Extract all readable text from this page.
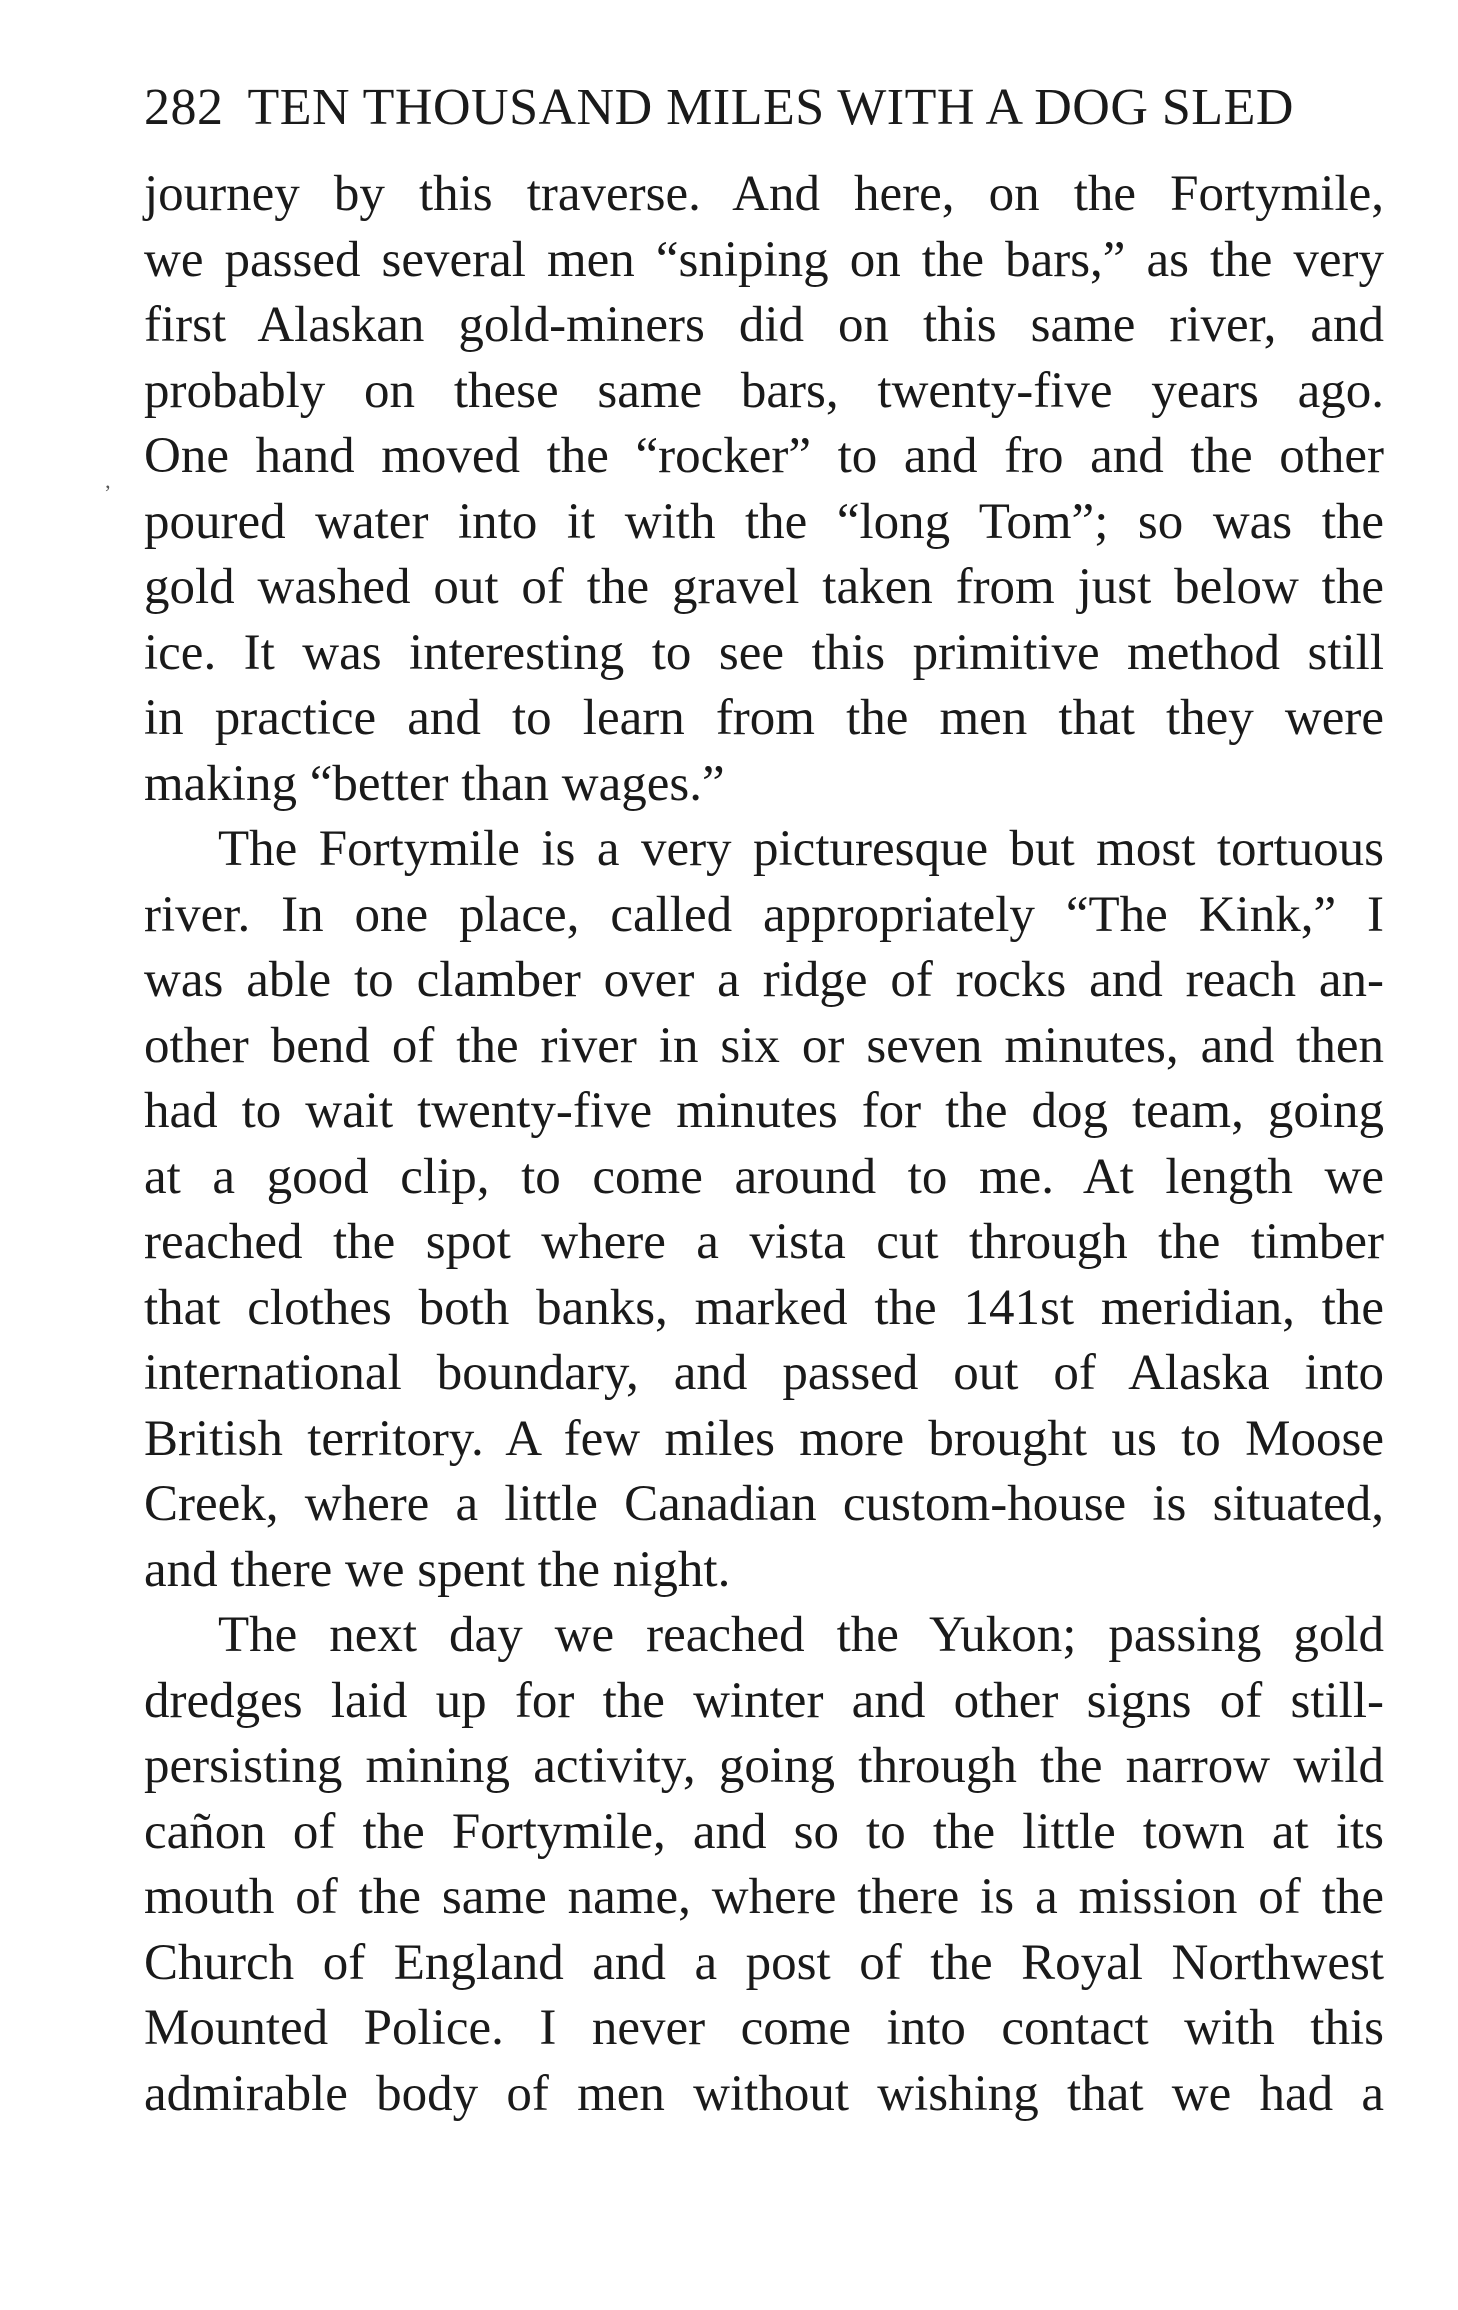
282 TEN THOUSAND MILES WITH A DOG SLED
’
journey by this traverse. And here, on the Fortymile,
we passed several men “sniping on the bars,” as the very
first Alaskan gold-miners did on this same river, and
probably on these same bars, twenty-five years ago.
One hand moved the “rocker” to and fro and the other
poured water into it with the “long Tom”; so was the
gold washed out of the gravel taken from just below the
ice. It was interesting to see this primitive method still
in practice and to learn from the men that they were
making “better than wages.”
The Fortymile is a very picturesque but most tortuous
river. In one place, called appropriately “The Kink,” I
was able to clamber over a ridge of rocks and reach an-
other bend of the river in six or seven minutes, and then
had to wait twenty-five minutes for the dog team, going
at a good clip, to come around to me. At length we
reached the spot where a vista cut through the timber
that clothes both banks, marked the 141st meridian, the
international boundary, and passed out of Alaska into
British territory. A few miles more brought us to Moose
Creek, where a little Canadian custom-house is situated,
and there we spent the night.
The next day we reached the Yukon; passing gold
dredges laid up for the winter and other signs of still-
persisting mining activity, going through the narrow wild
cañon of the Fortymile, and so to the little town at its
mouth of the same name, where there is a mission of the
Church of England and a post of the Royal Northwest
Mounted Police. I never come into contact with this
admirable body of men without wishing that we had a
